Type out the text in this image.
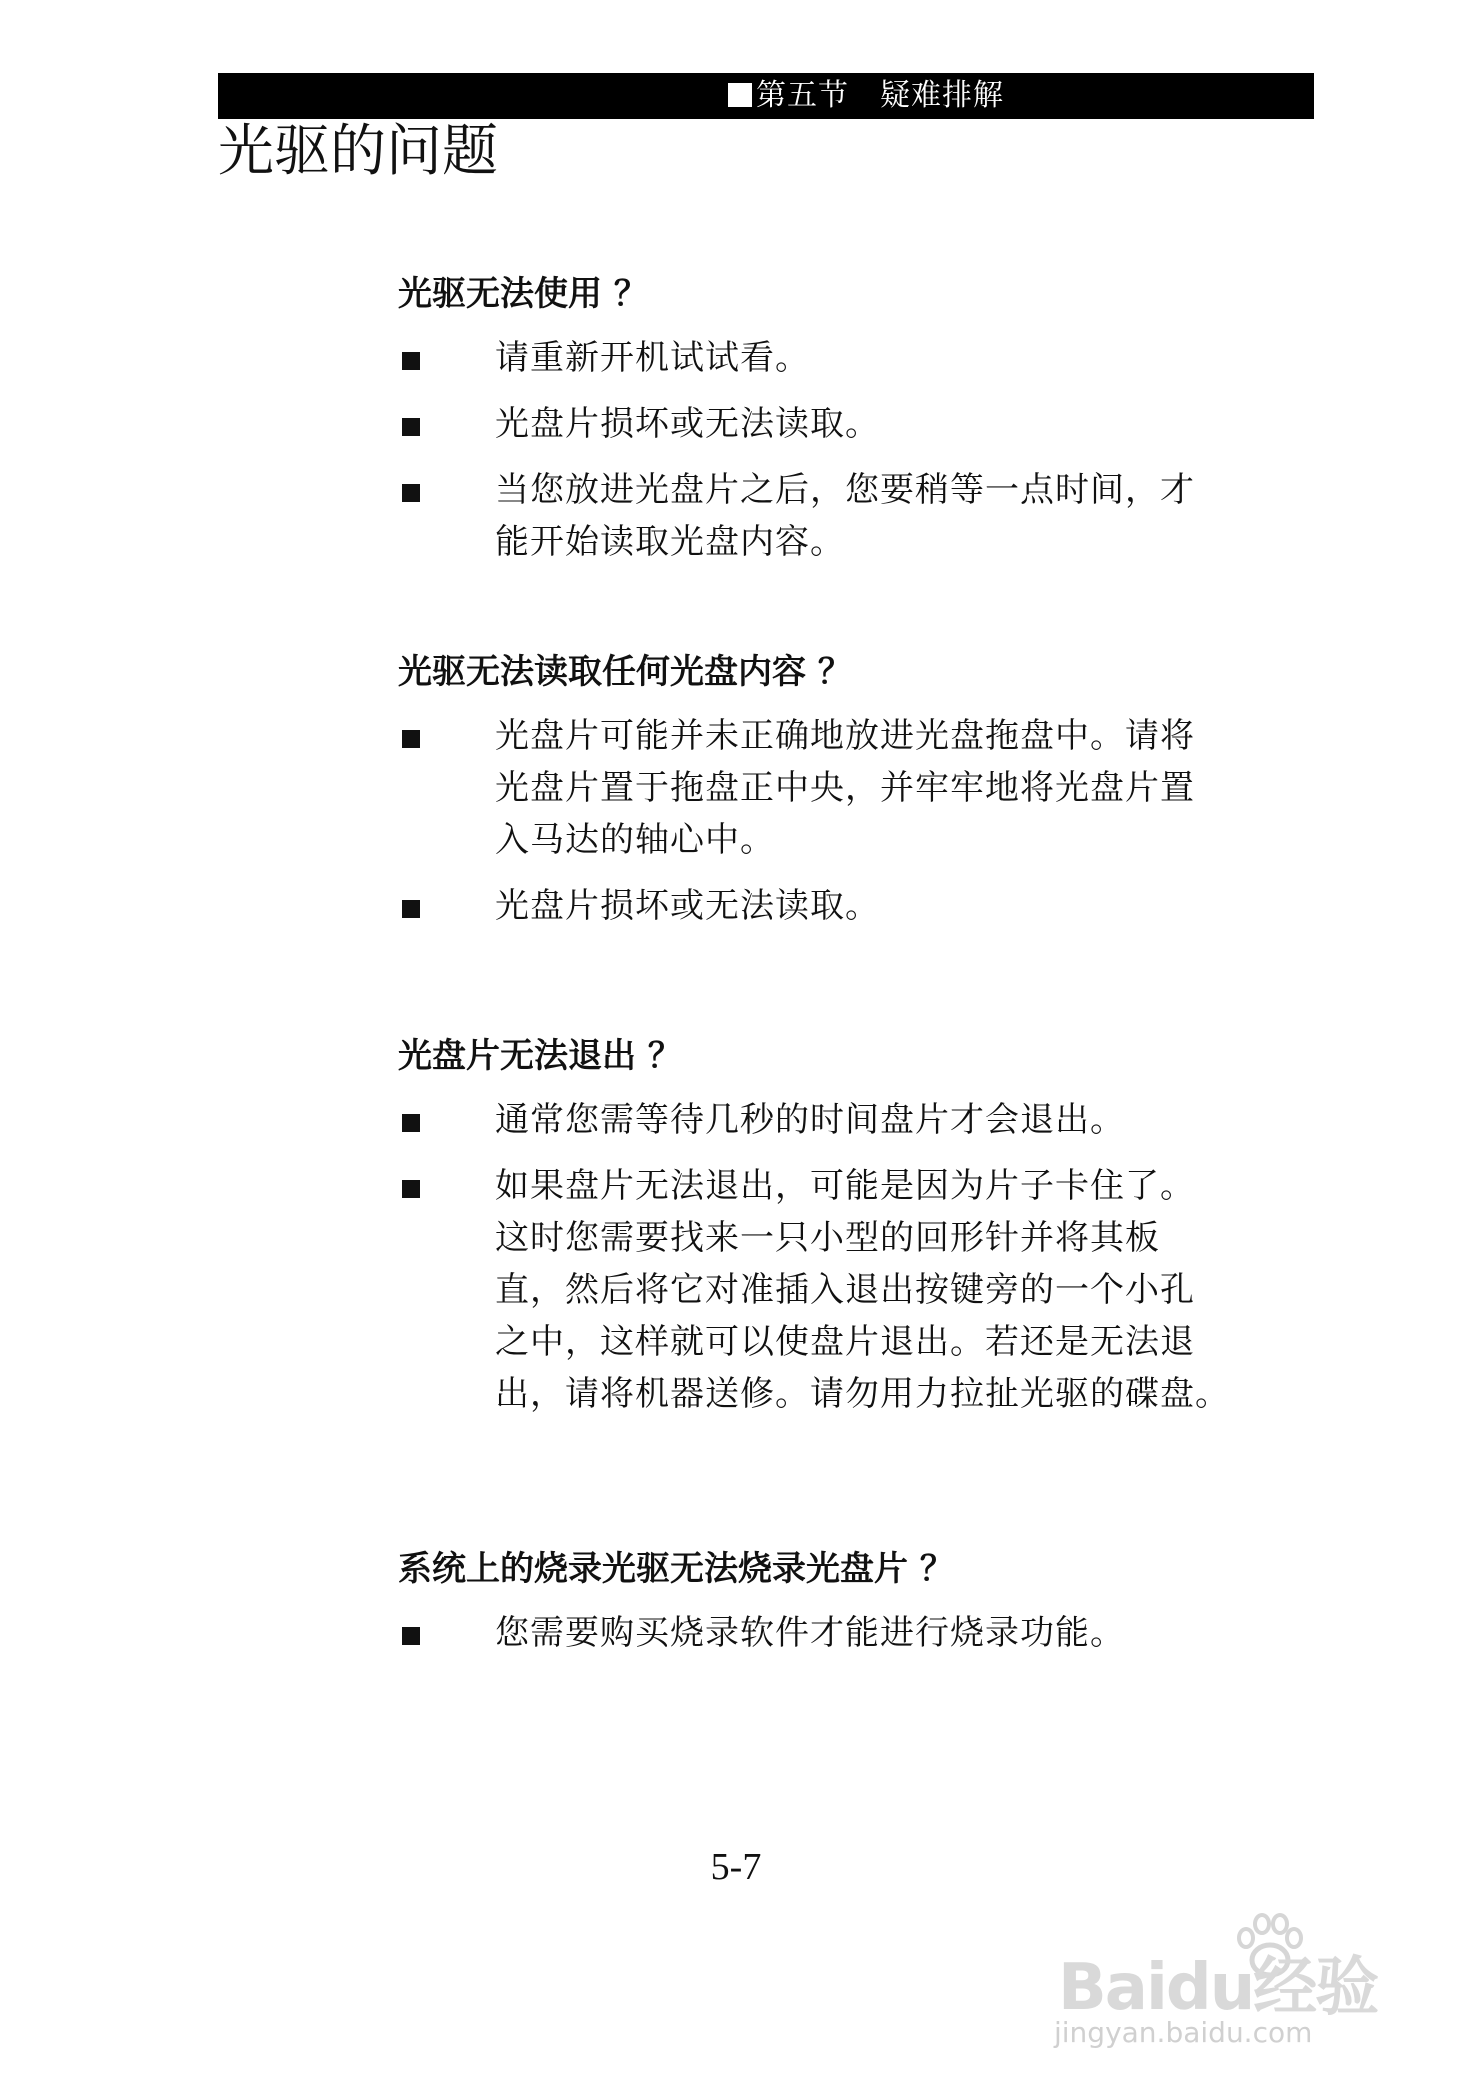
第五节　疑难排解
光驱的问题
光驱无法使用 ？
请重新开机试试看。
光盘片损坏或无法读取。
当您放进光盘片之后，您要稍等一点时间，才
能开始读取光盘内容。
光驱无法读取任何光盘内容 ？
光盘片可能并未正确地放进光盘拖盘中。请将
光盘片置于拖盘正中央，并牢牢地将光盘片置
入马达的轴心中。
光盘片损坏或无法读取。
光盘片无法退出 ？
通常您需等待几秒的时间盘片才会退出。
如果盘片无法退出，可能是因为片子卡住了。
这时您需要找来一只小型的回形针并将其板
直，然后将它对准插入退出按键旁的一个小孔
之中，这样就可以使盘片退出。若还是无法退
出，请将机器送修。请勿用力拉扯光驱的碟盘。
系统上的烧录光驱无法烧录光盘片 ？
您需要购买烧录软件才能进行烧录功能。
5-7
Baidu经验
jingyan.baidu.com
